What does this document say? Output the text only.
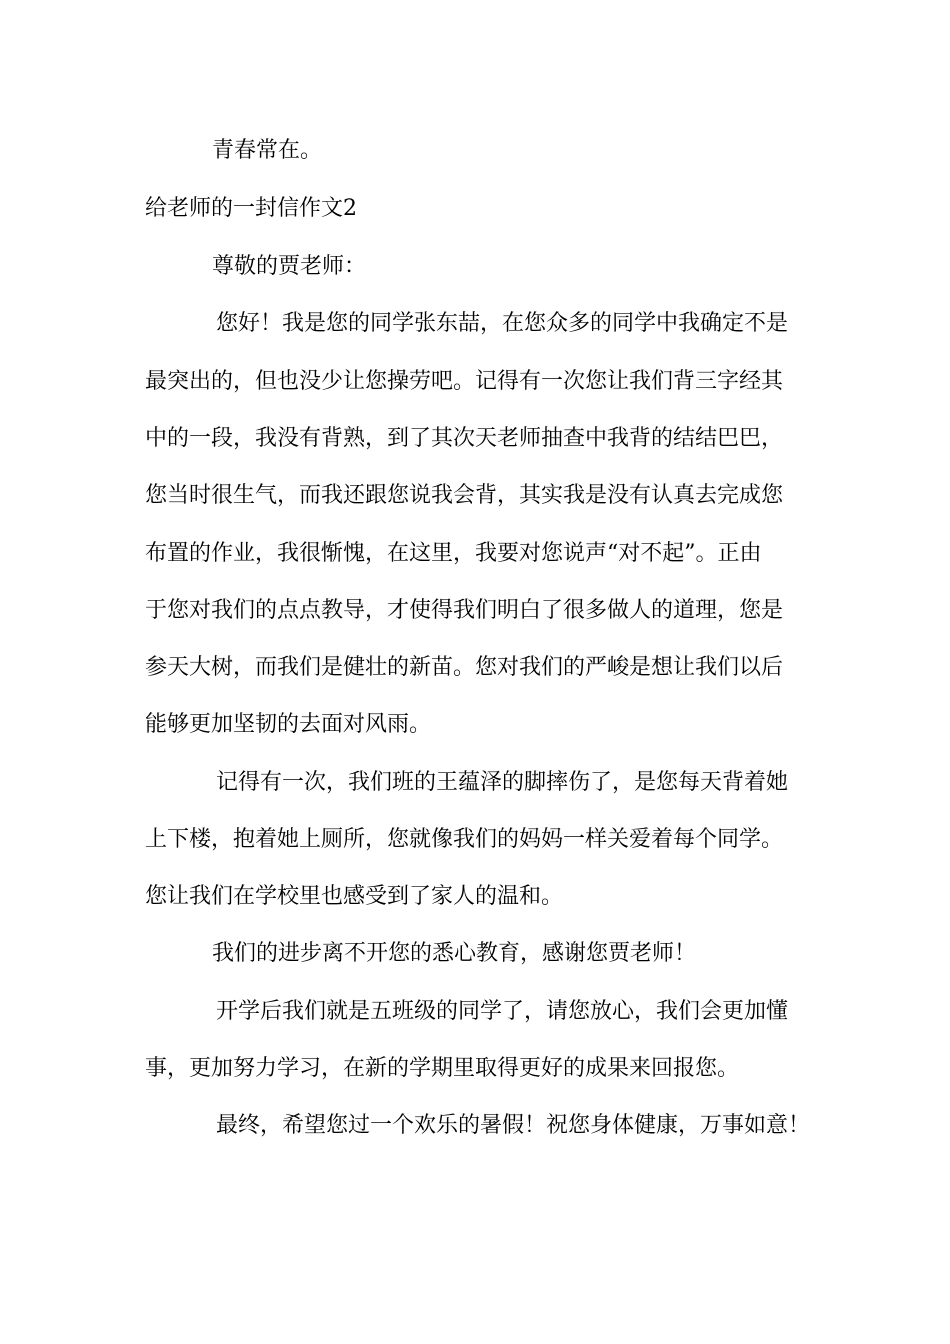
青春常在。

给老师的一封信作文2

尊敬的贾老师：

您好！我是您的同学张东喆，在您众多的同学中我确定不是

最突出的，但也没少让您操劳吧。记得有一次您让我们背三字经其

中的一段，我没有背熟，到了其次天老师抽查中我背的结结巴巴，

您当时很生气，而我还跟您说我会背，其实我是没有认真去完成您

布置的作业，我很惭愧，在这里，我要对您说声“对不起”。正由

于您对我们的点点教导，才使得我们明白了很多做人的道理，您是

参天大树，而我们是健壮的新苗。您对我们的严峻是想让我们以后

能够更加坚韧的去面对风雨。

记得有一次，我们班的王蕴泽的脚摔伤了，是您每天背着她

上下楼，抱着她上厕所，您就像我们的妈妈一样关爱着每个同学。

您让我们在学校里也感受到了家人的温和。

我们的进步离不开您的悉心教育，感谢您贾老师！

开学后我们就是五班级的同学了，请您放心，我们会更加懂

事，更加努力学习，在新的学期里取得更好的成果来回报您。

最终，希望您过一个欢乐的暑假！祝您身体健康，万事如意！
